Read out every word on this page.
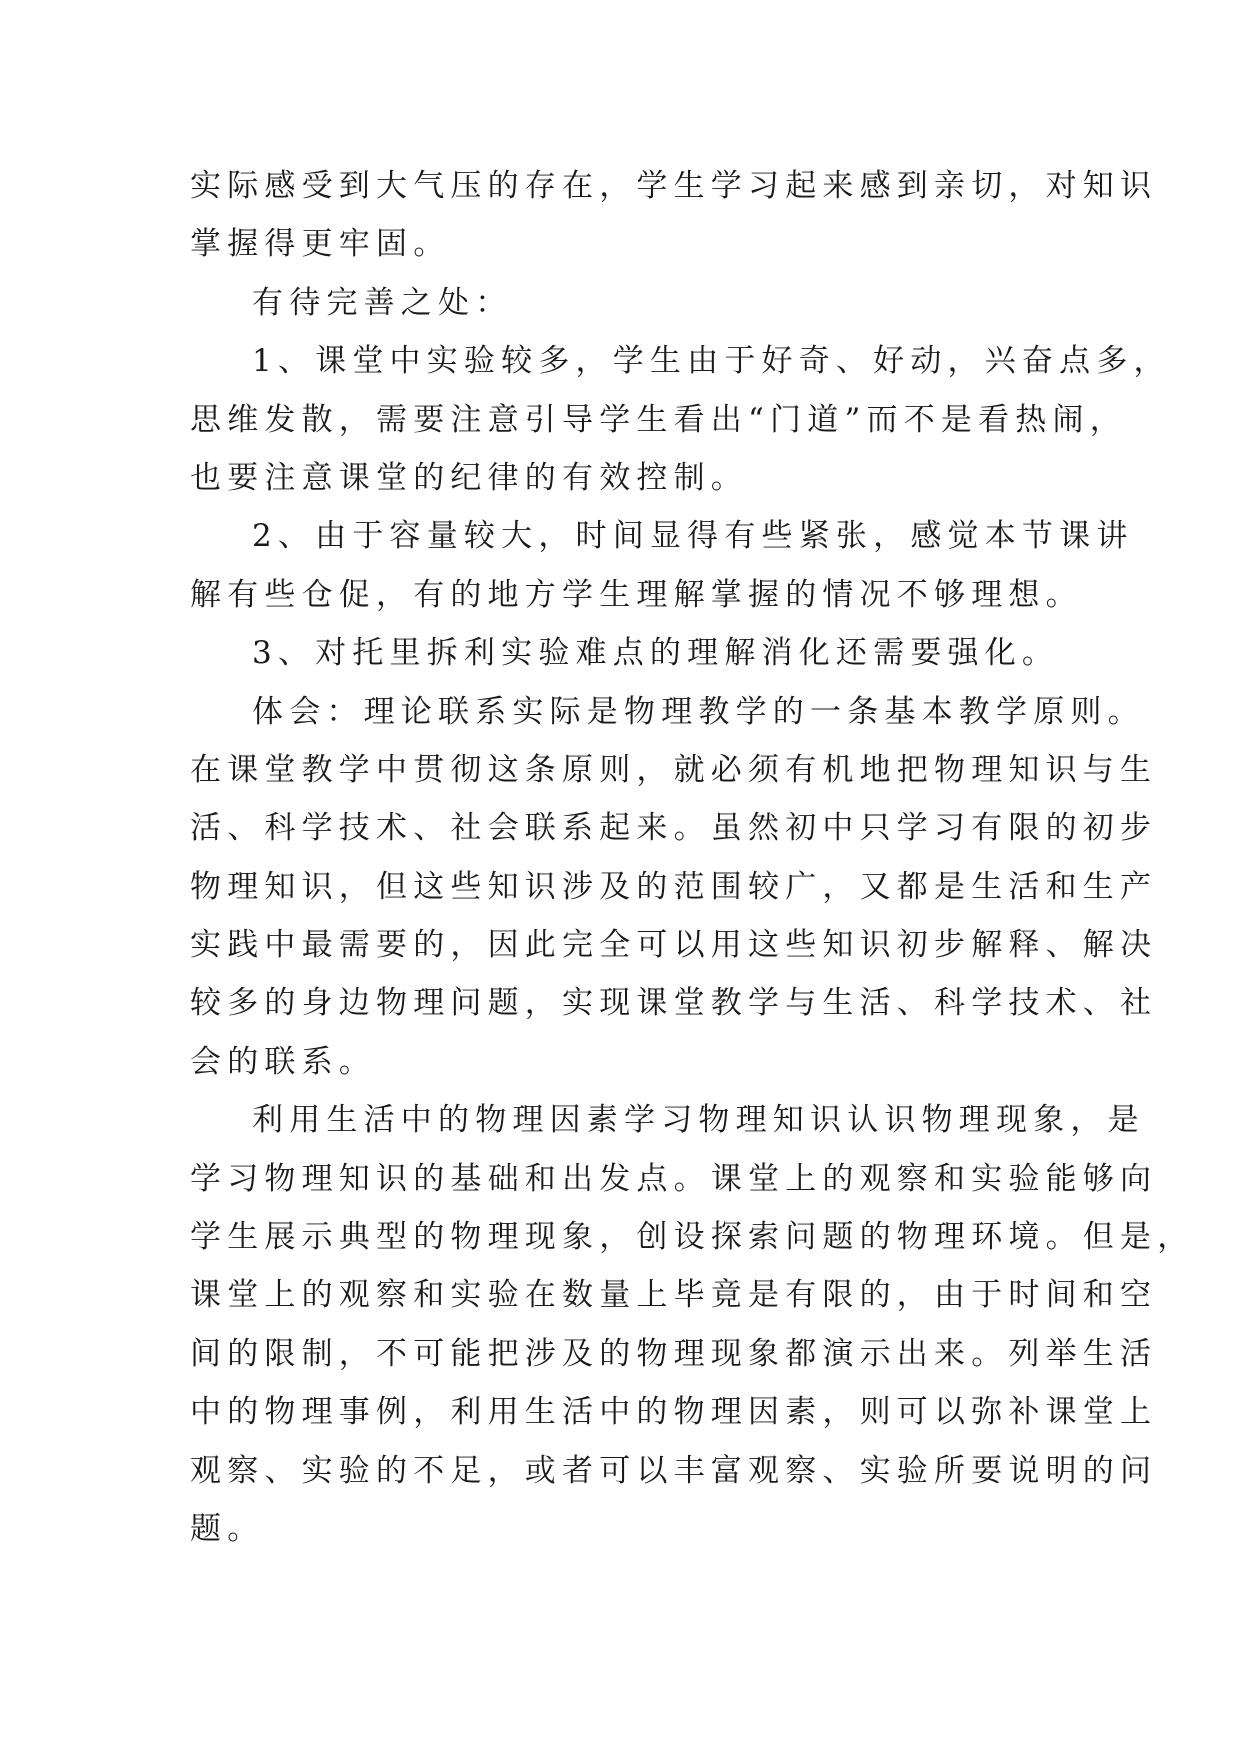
实际感受到大气压的存在，学生学习起来感到亲切，对知识
掌握得更牢固。
有待完善之处：
1、课堂中实验较多，学生由于好奇、好动，兴奋点多，
思维发散，需要注意引导学生看出“门道”而不是看热闹，
也要注意课堂的纪律的有效控制。
2、由于容量较大，时间显得有些紧张，感觉本节课讲
解有些仓促，有的地方学生理解掌握的情况不够理想。
3、对托里拆利实验难点的理解消化还需要强化。
体会：理论联系实际是物理教学的一条基本教学原则。
在课堂教学中贯彻这条原则，就必须有机地把物理知识与生
活、科学技术、社会联系起来。虽然初中只学习有限的初步
物理知识，但这些知识涉及的范围较广，又都是生活和生产
实践中最需要的，因此完全可以用这些知识初步解释、解决
较多的身边物理问题，实现课堂教学与生活、科学技术、社
会的联系。
利用生活中的物理因素学习物理知识认识物理现象，是
学习物理知识的基础和出发点。课堂上的观察和实验能够向
学生展示典型的物理现象，创设探索问题的物理环境。但是，
课堂上的观察和实验在数量上毕竟是有限的，由于时间和空
间的限制，不可能把涉及的物理现象都演示出来。列举生活
中的物理事例，利用生活中的物理因素，则可以弥补课堂上
观察、实验的不足，或者可以丰富观察、实验所要说明的问
题。
